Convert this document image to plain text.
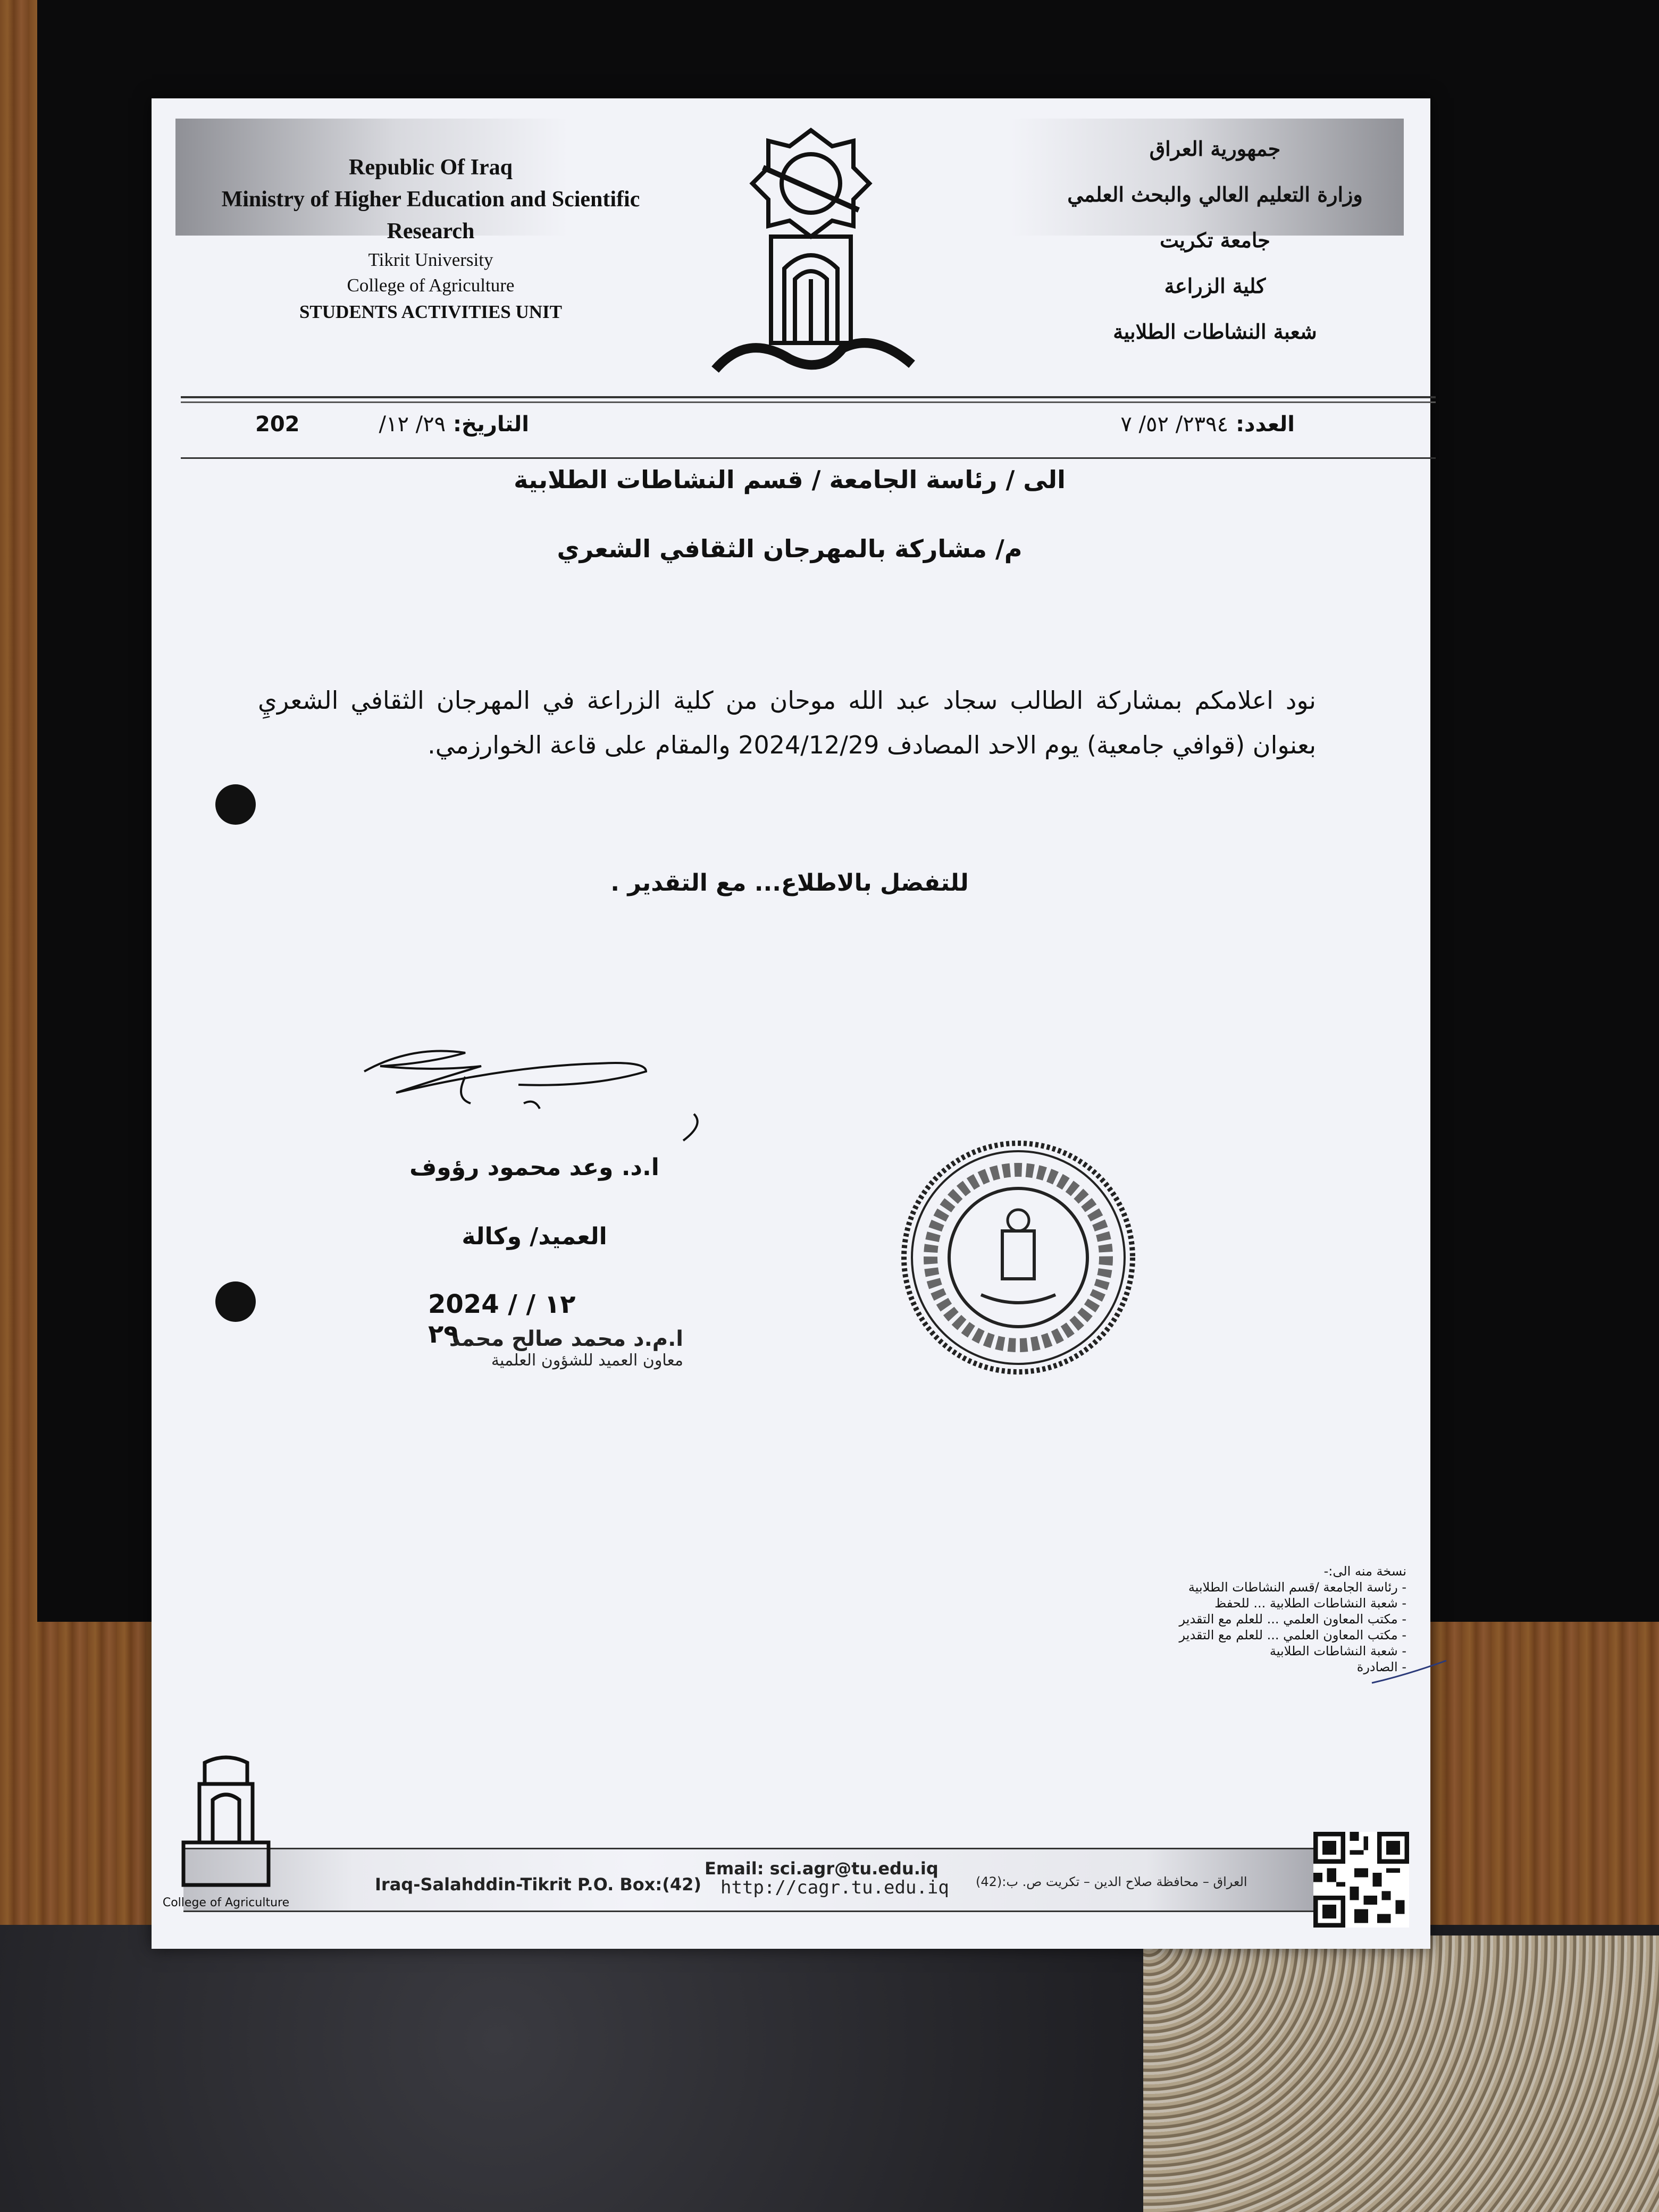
Republic Of Iraq
Ministry of Higher Education and Scientific
Research
Tikrit University
College of Agriculture
STUDENTS ACTIVITIES UNIT
جمهورية العراق
وزارة التعليم العالي والبحث العلمي
جامعة تكريت
كلية الزراعة
شعبة النشاطات الطلابية
202	التاريخ: ٢٩/ ١٢/	العدد: ٢٣٩٤/ ٥٢/ ٧
الى / رئاسة الجامعة / قسم النشاطات الطلابية
م/ مشاركة بالمهرجان الثقافي الشعري
نود اعلامكم بمشاركة الطالب سجاد عبد الله موحان من كلية الزراعة في المهرجان الثقافي الشعريِ بعنوان (قوافي جامعية) يوم الاحد المصادف 2024/12/29 والمقام على قاعة الخوارزمي.
للتفضل بالاطلاع... مع التقدير .
ا.د. وعد محمود رؤوف
العميد/ وكالة
2024 / ١٢ / ٢٩
ا.م.د محمد صالح محمد
معاون العميد للشؤون العلمية
نسخة منه الى:-
- رئاسة الجامعة /قسم النشاطات الطلابية
- شعبة النشاطات الطلابية ... للحفظ
- مكتب المعاون العلمي ... للعلم مع التقدير
- مكتب المعاون العلمي ... للعلم مع التقدير
- شعبة النشاطات الطلابية
- الصادرة
College of Agriculture
Iraq-Salahddin-Tikrit P.O. Box:(42)
Email: sci.agr@tu.edu.iq
http://cagr.tu.edu.iq العراق – محافظة صلاح الدين – تكريت ص. ب:(42)
